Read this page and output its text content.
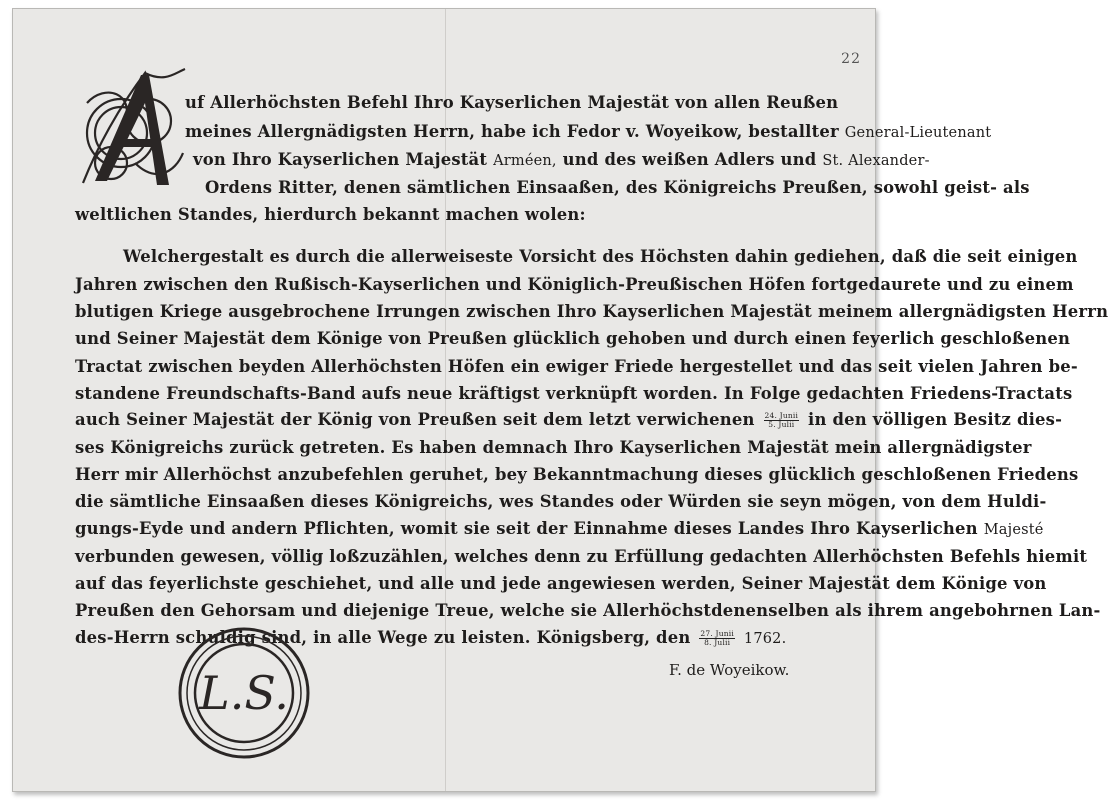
22
uf Allerhöchsten Befehl Ihro Kayserlichen Majestät von allen Reußen
meines Allergnädigsten Herrn, habe ich Fedor v. Woyeikow, bestallter General-Lieutenant
von Ihro Kayserlichen Majestät Arméen, und des weißen Adlers und St. Alexander-
Ordens Ritter, denen sämtlichen Einsaaßen, des Königreichs Preußen, sowohl geist- als
weltlichen Standes, hierdurch bekannt machen wolen:
Welchergestalt es durch die allerweiseste Vorsicht des Höchsten dahin gediehen, daß die seit einigen
Jahren zwischen den Rußisch-Kayserlichen und Königlich-Preußischen Höfen fortgedaurete und zu einem
blutigen Kriege ausgebrochene Irrungen zwischen Ihro Kayserlichen Majestät meinem allergnädigsten Herrn
und Seiner Majestät dem Könige von Preußen glücklich gehoben und durch einen feyerlich geschloßenen
Tractat zwischen beyden Allerhöchsten Höfen ein ewiger Friede hergestellet und das seit vielen Jahren be-
standene Freundschafts-Band aufs neue kräftigst verknüpft worden. In Folge gedachten Friedens-Tractats
auch Seiner Majestät der König von Preußen seit dem letzt verwichenen $\frac{\text{24. Junii}}{\text{5. Julii}}$ in den völligen Besitz dies-
ses Königreichs zurück getreten. Es haben demnach Ihro Kayserlichen Majestät mein allergnädigster
Herr mir Allerhöchst anzubefehlen geruhet, bey Bekanntmachung dieses glücklich geschloßenen Friedens
die sämtliche Einsaaßen dieses Königreichs, wes Standes oder Würden sie seyn mögen, von dem Huldi-
gungs-Eyde und andern Pflichten, womit sie seit der Einnahme dieses Landes Ihro Kayserlichen Majesté
verbunden gewesen, völlig loßzuzählen, welches denn zu Erfüllung gedachten Allerhöchsten Befehls hiemit
auf das feyerlichste geschiehet, und alle und jede angewiesen werden, Seiner Majestät dem Könige von
Preußen den Gehorsam und diejenige Treue, welche sie Allerhöchstdenenselben als ihrem angebohrnen Lan-
des-Herrn schuldig sind, in alle Wege zu leisten. Königsberg, den $\frac{\text{27. Junii}}{\text{8. Julii}} 1762$.
L.S.	F. de Woyeikow.
